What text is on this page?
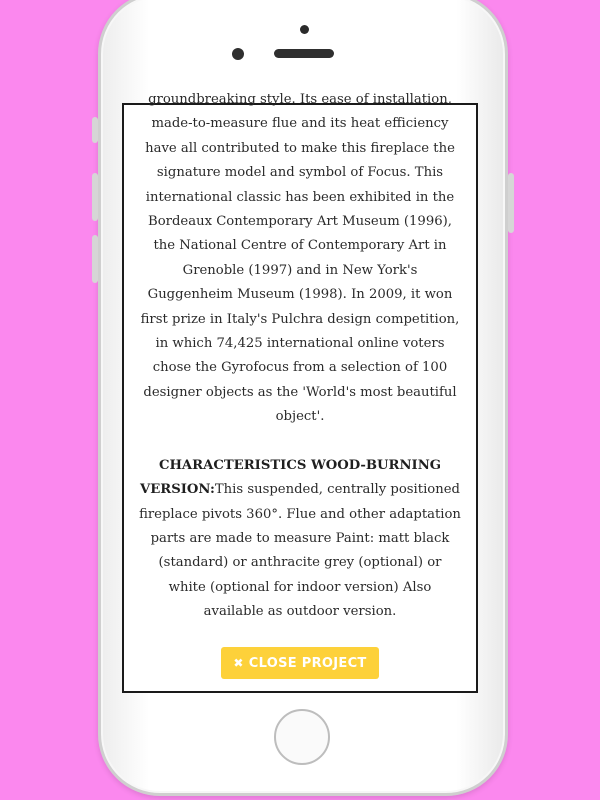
groundbreaking style. Its ease of installation, made-to-measure flue and its heat efficiency have all contributed to make this fireplace the signature model and symbol of Focus. This international classic has been exhibited in the Bordeaux Contemporary Art Museum (1996), the National Centre of Contemporary Art in Grenoble (1997) and in New York's Guggenheim Museum (1998). In 2009, it won first prize in Italy's Pulchra design competition, in which 74,425 international online voters chose the Gyrofocus from a selection of 100 designer objects as the 'World's most beautiful object'.

CHARACTERISTICS WOOD-BURNING VERSION:This suspended, centrally positioned fireplace pivots 360°. Flue and other adaptation parts are made to measure Paint: matt black (standard) or anthracite grey (optional) or white (optional for indoor version) Also available as outdoor version.

✖ CLOSE PROJECT
